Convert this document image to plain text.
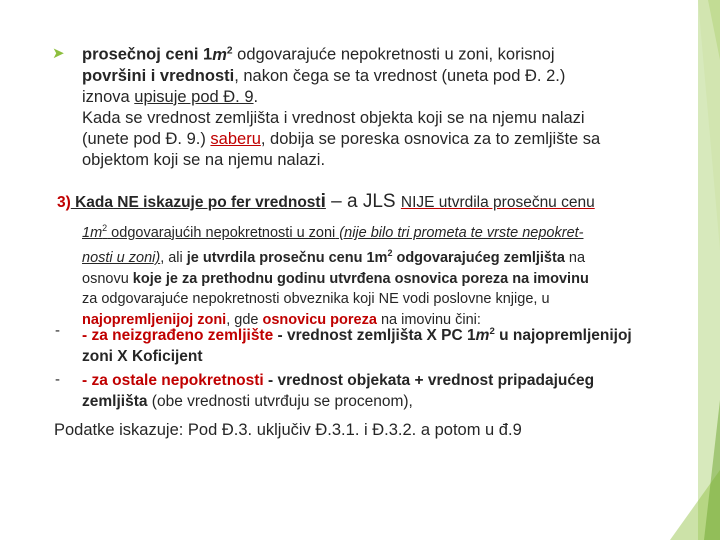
➤ prosečnoj ceni $1m^2$ odgovarajuće nepokretnosti u zoni, korisnoj
površini i vrednosti, nakon čega se ta vrednost (uneta pod Đ. 2.)
iznova upisuje pod Đ. 9.
Kada se vrednost zemljišta i vrednost objekta koji se na njemu nalazi
(unete pod Đ. 9.) saberu, dobija se poreska osnovica za to zemljište sa
objektom koji se na njemu nalazi.
3) Kada NE iskazuje po fer vrednosti – a JLS NIJE utvrdila prosečnu cenu
$1m^2$ odgovarajućih nepokretnosti u zoni (nije bilo tri prometa te vrste nepokret-
nosti u zoni), ali je utvrdila prosečnu cenu $1m^2$ odgovarajućeg zemljišta na
osnovu koje je za prethodnu godinu utvrđena osnovica poreza na imovinu
za odgovarajuće nepokretnosti obveznika koji NE vodi poslovne knjige, u
najopremljenijoj zoni, gde osnovicu poreza na imovinu čini:
- - za neizgrađeno zemljište - vrednost zemljišta X PC $1m^2$ u najopremljenijoj
zoni X Koficijent
- - za ostale nepokretnosti - vrednost objekata + vrednost pripadajućeg
zemljišta (obe vrednosti utvrđuju se procenom),
Podatke iskazuje: Pod Đ.3. uključiv Đ.3.1. i Đ.3.2. a potom u đ.9
